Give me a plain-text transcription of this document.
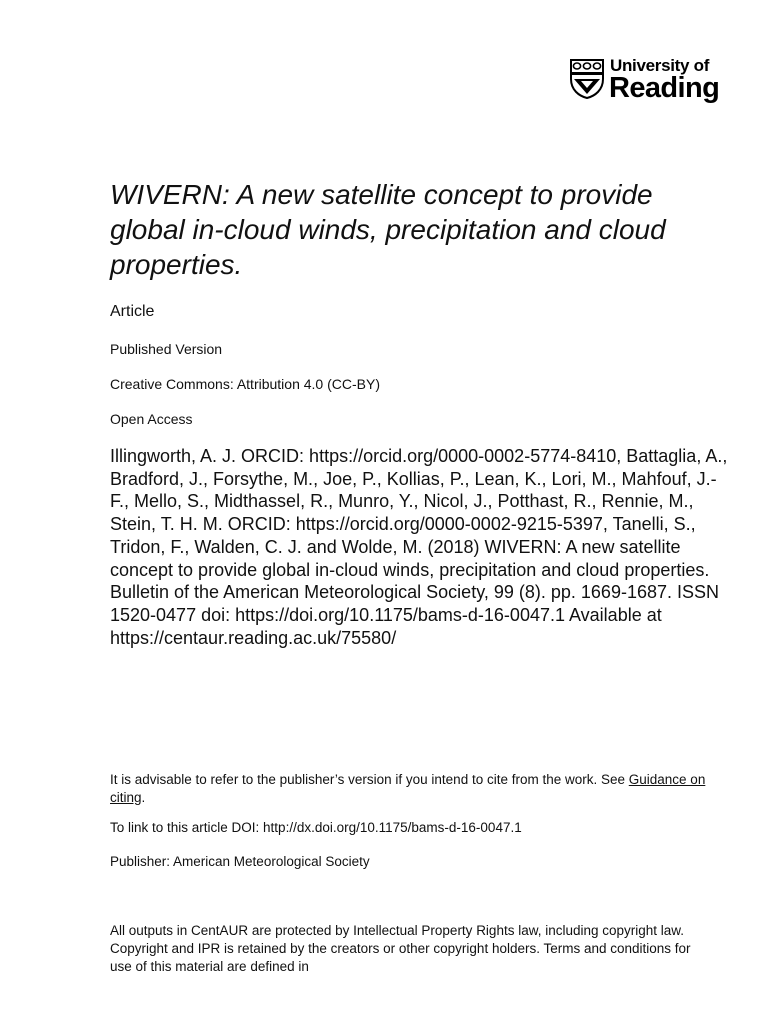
University of
Reading
WIVERN: A new satellite concept to provide global in-cloud winds, precipitation and cloud properties.

Article

Published Version

Creative Commons: Attribution 4.0 (CC-BY)

Open Access

Illingworth, A. J. ORCID: https://orcid.org/0000-0002-5774-8410, Battaglia, A., Bradford, J., Forsythe, M., Joe, P., Kollias, P., Lean, K., Lori, M., Mahfouf, J.-F., Mello, S., Midthassel, R., Munro, Y., Nicol, J., Potthast, R., Rennie, M., Stein, T. H. M. ORCID: https://orcid.org/0000-0002-9215-5397, Tanelli, S., Tridon, F., Walden, C. J. and Wolde, M. (2018) WIVERN: A new satellite concept to provide global in-cloud winds, precipitation and cloud properties. Bulletin of the American Meteorological Society, 99 (8). pp. 1669-1687. ISSN 1520-0477 doi: https://doi.org/10.1175/bams-d-16-0047.1 Available at https://centaur.reading.ac.uk/75580/

It is advisable to refer to the publisher’s version if you intend to cite from the work. See Guidance on citing.

To link to this article DOI: http://dx.doi.org/10.1175/bams-d-16-0047.1

Publisher: American Meteorological Society

All outputs in CentAUR are protected by Intellectual Property Rights law, including copyright law. Copyright and IPR is retained by the creators or other copyright holders. Terms and conditions for use of this material are defined in
